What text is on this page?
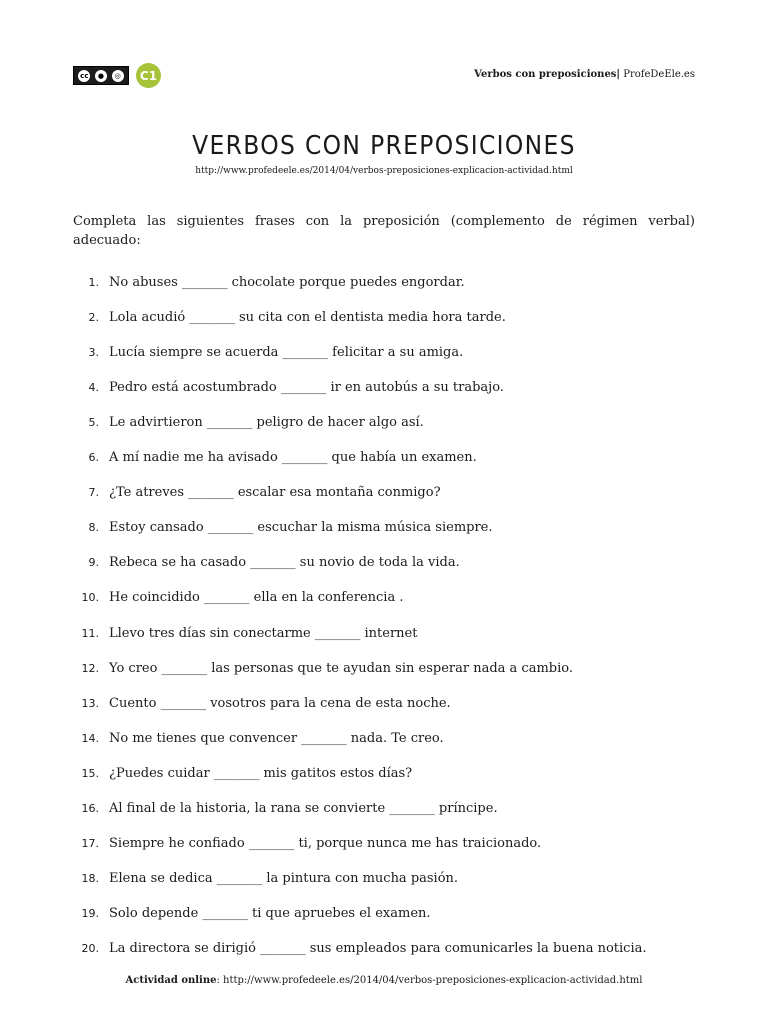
cc	●	◎	C1	Verbos con preposiciones| ProfeDeEle.es
VERBOS CON PREPOSICIONES
http://www.profedeele.es/2014/04/verbos-preposiciones-explicacion-actividad.html
Completa las siguientes frases con la preposición (complemento de régimen verbal) adecuado:
1. No abuses _______ chocolate porque puedes engordar.
2. Lola acudió _______ su cita con el dentista media hora tarde.
3. Lucía siempre se acuerda _______ felicitar a su amiga.
4. Pedro está acostumbrado _______ ir en autobús a su trabajo.
5. Le advirtieron _______ peligro de hacer algo así.
6. A mí nadie me ha avisado _______ que había un examen.
7. ¿Te atreves _______ escalar esa montaña conmigo?
8. Estoy cansado _______ escuchar la misma música siempre.
9. Rebeca se ha casado _______ su novio de toda la vida.
10. He coincidido _______ ella en la conferencia .
11. Llevo tres días sin conectarme _______ internet
12. Yo creo _______ las personas que te ayudan sin esperar nada a cambio.
13. Cuento _______ vosotros para la cena de esta noche.
14. No me tienes que convencer _______ nada. Te creo.
15. ¿Puedes cuidar _______ mis gatitos estos días?
16. Al final de la historia, la rana se convierte _______ príncipe.
17. Siempre he confiado _______ ti, porque nunca me has traicionado.
18. Elena se dedica _______ la pintura con mucha pasión.
19. Solo depende _______ ti que apruebes el examen.
20. La directora se dirigió _______ sus empleados para comunicarles la buena noticia.
Actividad online: http://www.profedeele.es/2014/04/verbos-preposiciones-explicacion-actividad.html
